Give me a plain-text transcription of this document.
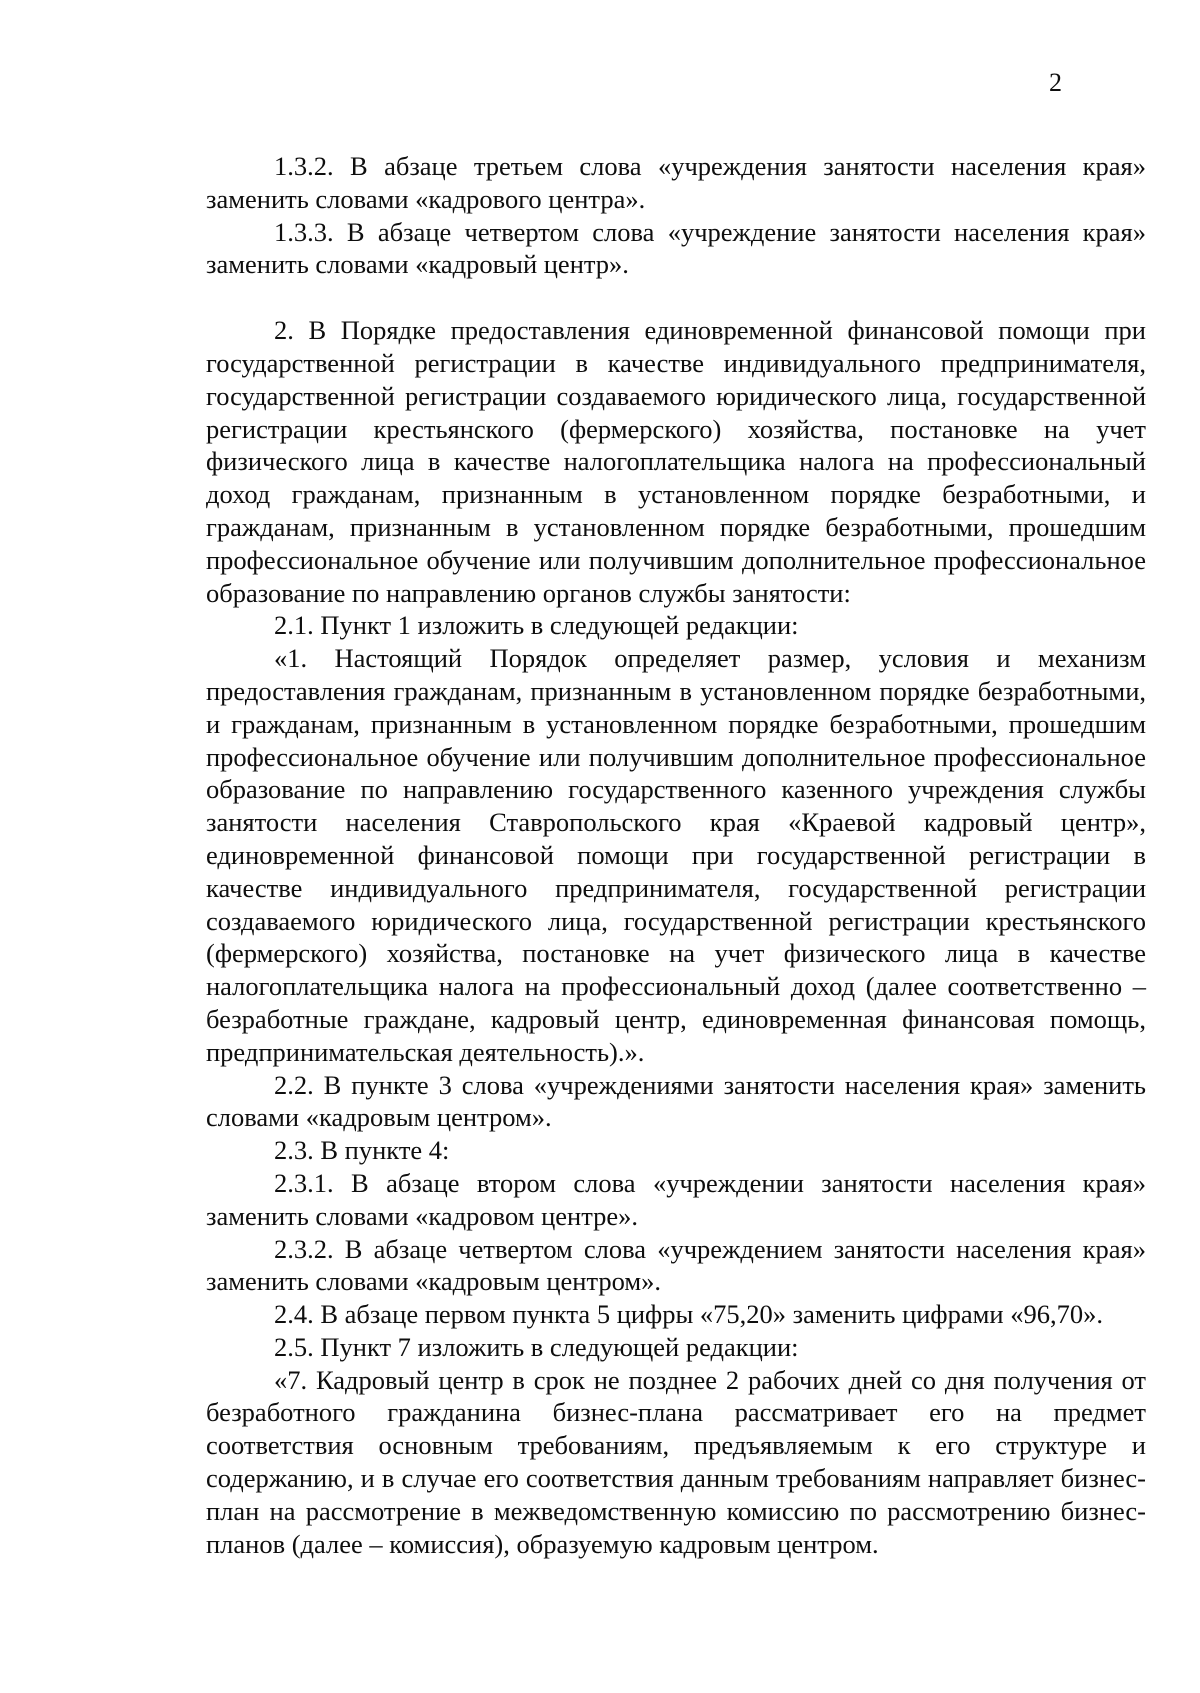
2

1.3.2. В абзаце третьем слова «учреждения занятости населения края» заменить словами «кадрового центра».

1.3.3. В абзаце четвертом слова «учреждение занятости населения края» заменить словами «кадровый центр».

2. В Порядке предоставления единовременной финансовой помощи при государственной регистрации в качестве индивидуального предпринимателя, государственной регистрации создаваемого юридического лица, государственной регистрации крестьянского (фермерского) хозяйства, постановке на учет физического лица в качестве налогоплательщика налога на профессиональный доход гражданам, признанным в установленном порядке безработными, и гражданам, признанным в установленном порядке безработными, прошедшим профессиональное обучение или получившим дополнительное профессиональное образование по направлению органов службы занятости:

2.1. Пункт 1 изложить в следующей редакции:

«1. Настоящий Порядок определяет размер, условия и механизм предоставления гражданам, признанным в установленном порядке безработными, и гражданам, признанным в установленном порядке безработными, прошедшим профессиональное обучение или получившим дополнительное профессиональное образование по направлению государственного казенного учреждения службы занятости населения Ставропольского края «Краевой кадровый центр», единовременной финансовой помощи при государственной регистрации в качестве индивидуального предпринимателя, государственной регистрации создаваемого юридического лица, государственной регистрации крестьянского (фермерского) хозяйства, постановке на учет физического лица в качестве налогоплательщика налога на профессиональный доход (далее соответственно – безработные граждане, кадровый центр, единовременная финансовая помощь, предпринимательская деятельность).».

2.2. В пункте 3 слова «учреждениями занятости населения края» заменить словами «кадровым центром».

2.3. В пункте 4:

2.3.1. В абзаце втором слова «учреждении занятости населения края» заменить словами «кадровом центре».

2.3.2. В абзаце четвертом слова «учреждением занятости населения края» заменить словами «кадровым центром».

2.4. В абзаце первом пункта 5 цифры «75,20» заменить цифрами «96,70».

2.5. Пункт 7 изложить в следующей редакции:

«7. Кадровый центр в срок не позднее 2 рабочих дней со дня получения от безработного гражданина бизнес-плана рассматривает его на предмет соответствия основным требованиям, предъявляемым к его структуре и содержанию, и в случае его соответствия данным требованиям направляет бизнес-план на рассмотрение в межведомственную комиссию по рассмотрению бизнес-планов (далее – комиссия), образуемую кадровым центром.
